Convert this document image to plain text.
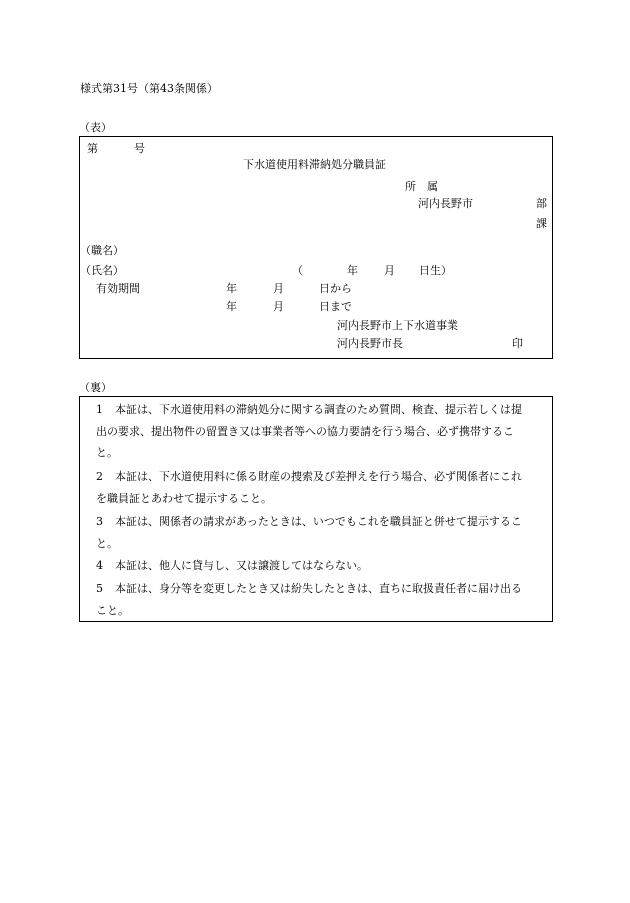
様式第31号（第43条関係）
（表）
第	号
下水道使用料滞納処分職員証
所　属
河内長野市	部
課
（職名）
（氏名）	（	年 月 日生）
有効期間	年	月	日から
年	月	日まで
河内長野市上下水道事業
河内長野市長	印
（裏）
1 本証は、下水道使用料の滞納処分に関する調査のため質問、検査、提示若しくは提
出の要求、提出物件の留置き又は事業者等への協力要請を行う場合、必ず携帯するこ
と。
2 本証は、下水道使用料に係る財産の捜索及び差押えを行う場合、必ず関係者にこれ
を職員証とあわせて提示すること。
3 本証は、関係者の請求があったときは、いつでもこれを職員証と併せて提示するこ
と。
4 本証は、他人に貸与し、又は譲渡してはならない。
5 本証は、身分等を変更したとき又は紛失したときは、直ちに取扱責任者に届け出る
こと。
